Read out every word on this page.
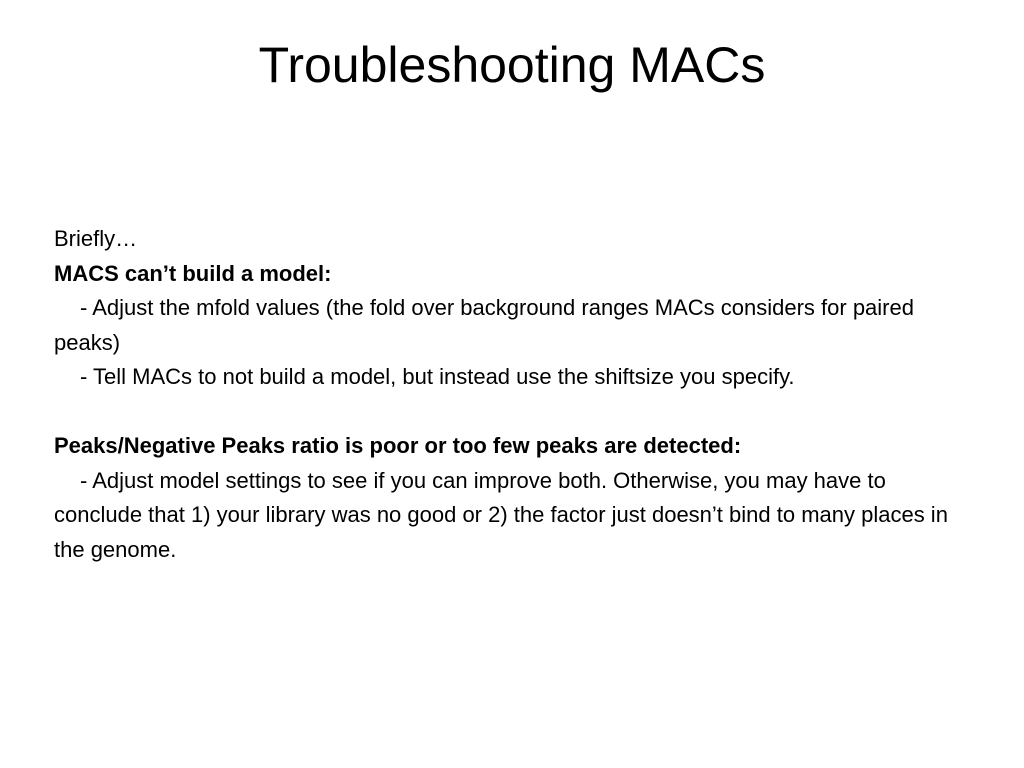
Troubleshooting MACs

Briefly…

MACS can’t build a model:

- Adjust the mfold values (the fold over background ranges MACs considers for paired peaks)

- Tell MACs to not build a model, but instead use the shiftsize you specify.

Peaks/Negative Peaks ratio is poor or too few peaks are detected:

- Adjust model settings to see if you can improve both. Otherwise, you may have to conclude that 1) your library was no good or 2) the factor just doesn’t bind to many places in the genome.
